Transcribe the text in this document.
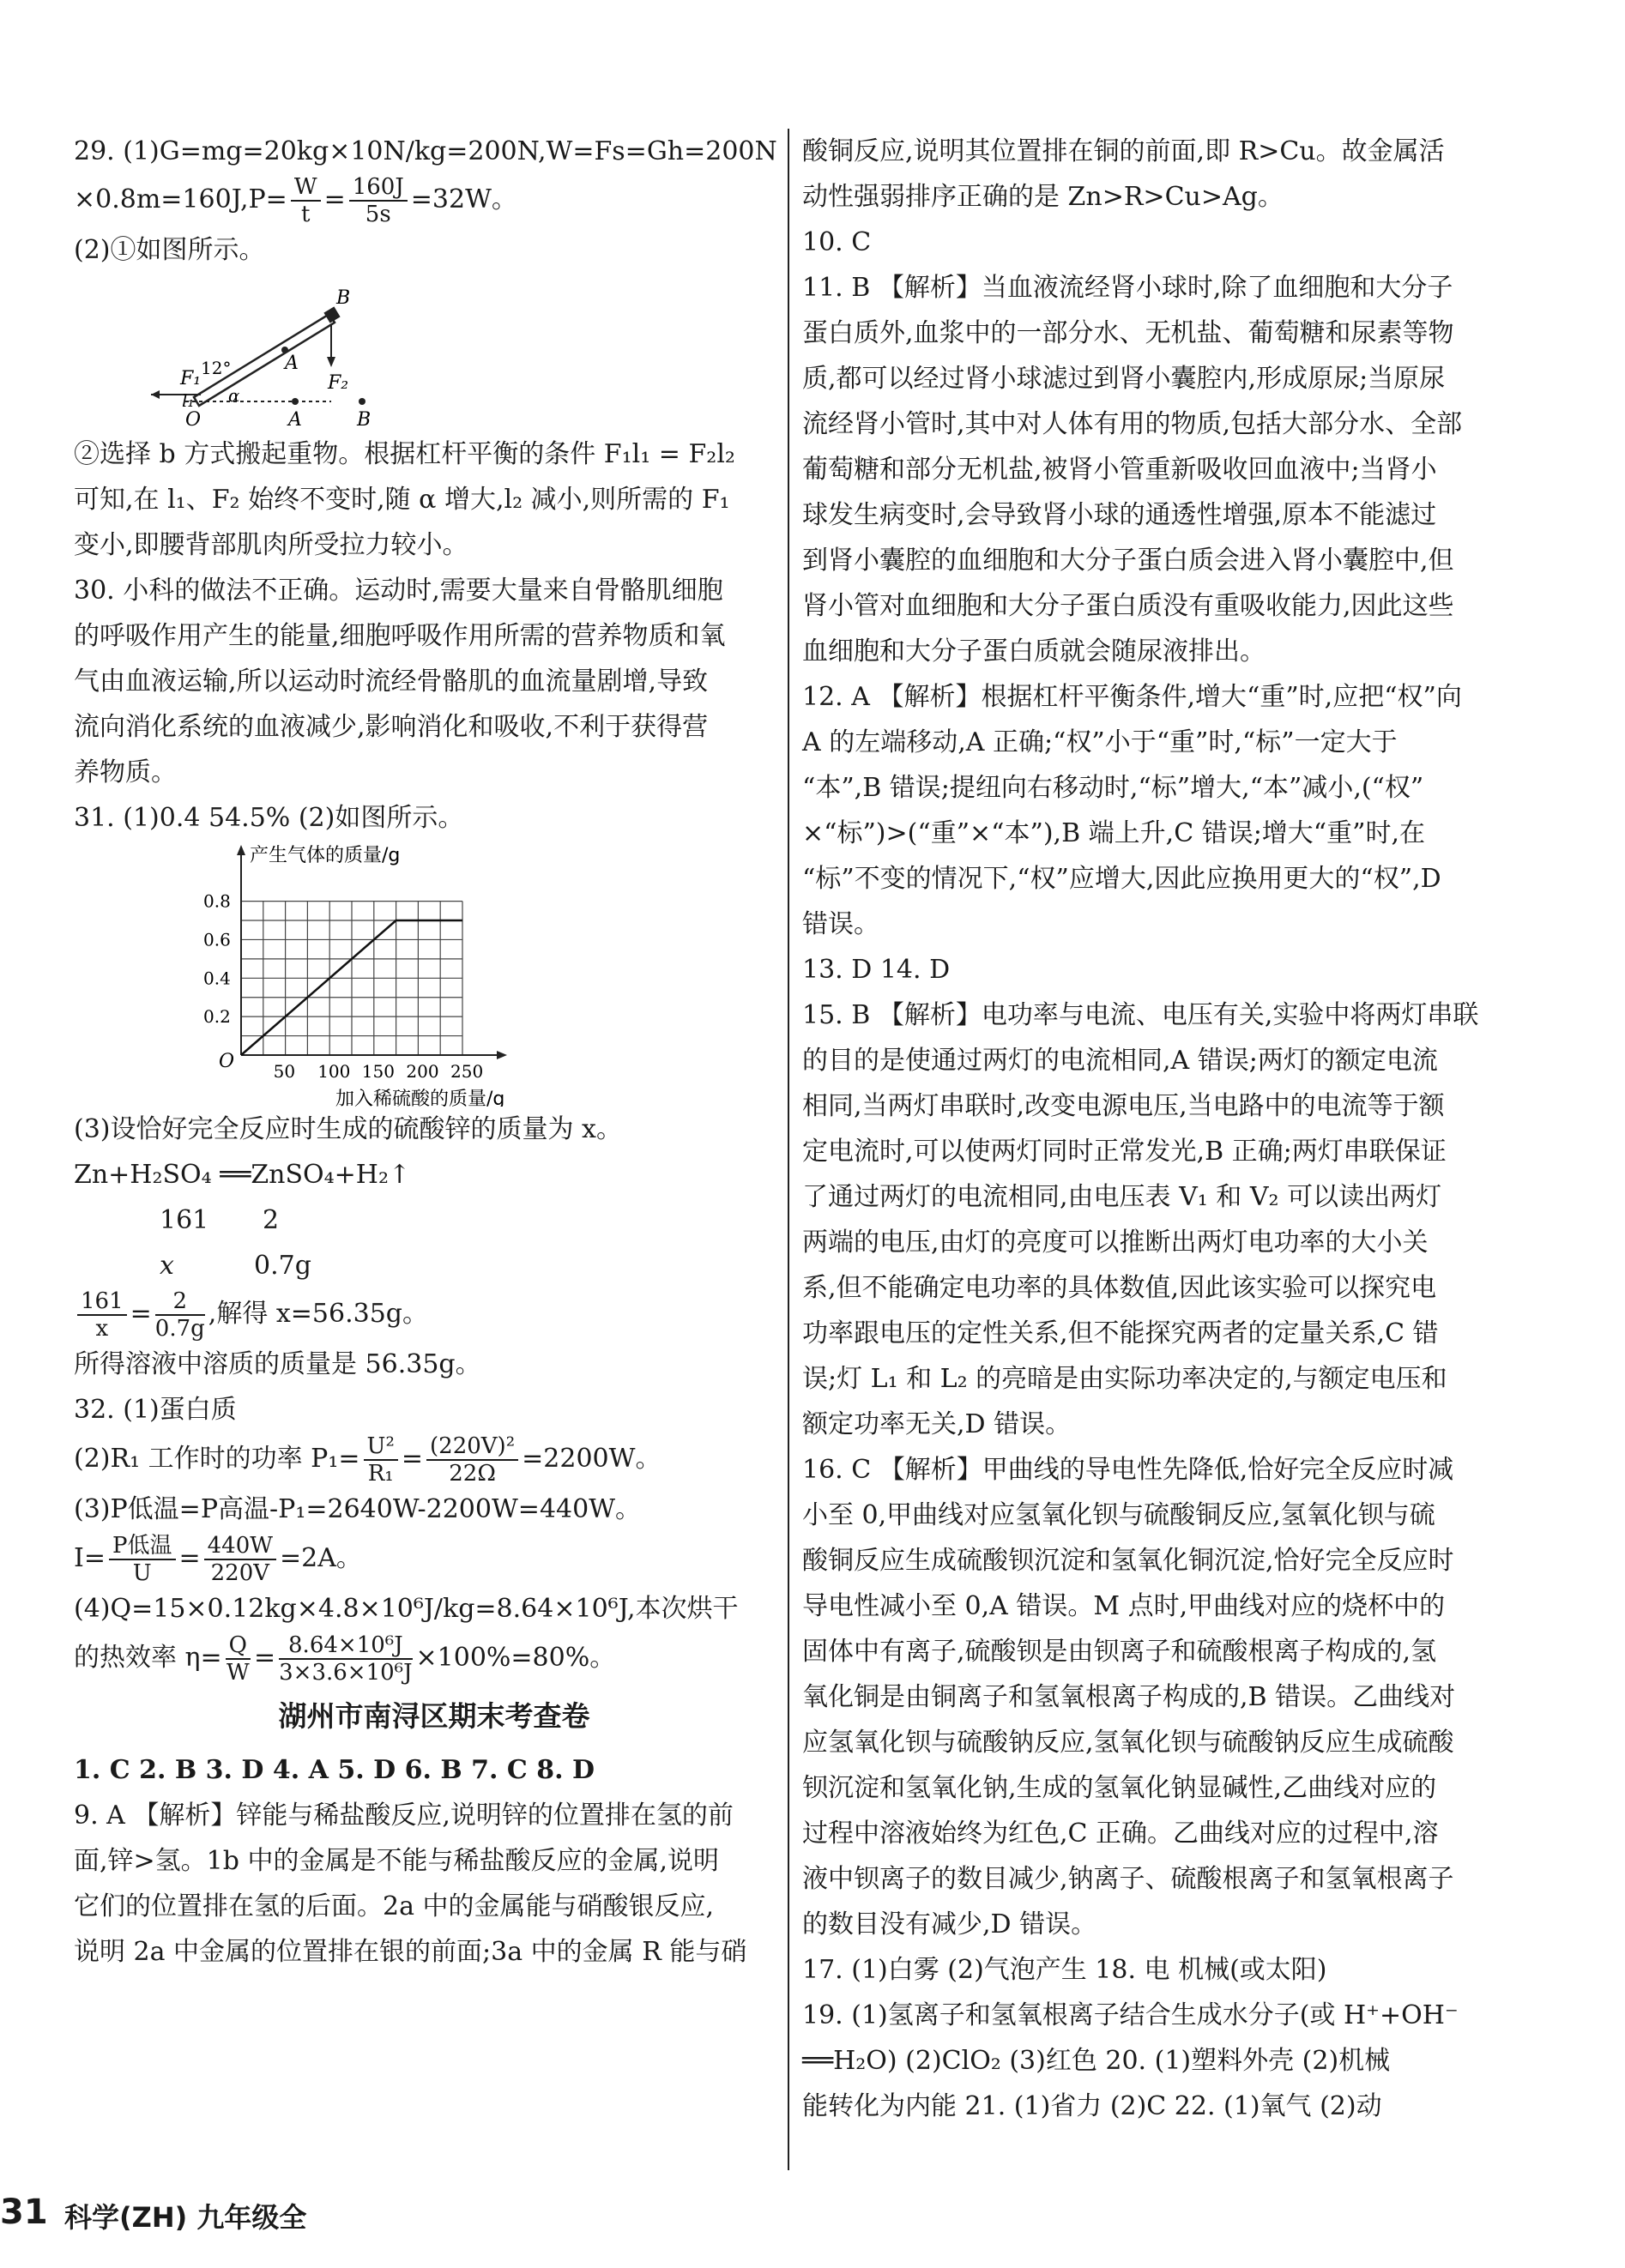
29. (1)G=mg=20kg×10N/kg=200N,W=Fs=Gh=200N

$\times 0.8m=160J,P= \frac{W}{t} = \frac{160J}{5s} =32W$。

(2)①如图所示。

B
A
F₂
F₁ 12°
l₁ α
O	A	B

②选择 b 方式搬起重物。根据杠杆平衡的条件 F₁l₁ = F₂l₂

可知,在 l₁、F₂ 始终不变时,随 α 增大,l₂ 减小,则所需的 F₁

变小,即腰背部肌肉所受拉力较小。

30. 小科的做法不正确。运动时,需要大量来自骨骼肌细胞

的呼吸作用产生的能量,细胞呼吸作用所需的营养物质和氧

气由血液运输,所以运动时流经骨骼肌的血流量剧增,导致

流向消化系统的血液减少,影响消化和吸收,不利于获得营

养物质。

31. (1)0.4 54.5% (2)如图所示。

50 100 150 200 250
0.2
0.4
0.6
0.8
O
产生气体的质量/g
加入稀硫酸的质量/g

(3)设恰好完全反应时生成的硫酸锌的质量为 x。

Zn+H₂SO₄ ══ZnSO₄+H₂↑

161 2

x	0.7g

$\frac{161}{x} = \frac{2}{0.7g}$ ,解得 x=56.35g。

所得溶液中溶质的质量是 56.35g。

32. (1)蛋白质

(2)R₁ 工作时的功率 $P_1= \frac{\text{U²}}{\text{R₁}} = \frac{\text{(220V)²}}{22\Omega} =2200W$。

(3)P低温=P高温-P₁=2640W-2200W=440W。

$I= \frac{\text{P低温}}{U} = \frac{440W}{220V} =2A$。

(4)Q=15×0.12kg×4.8×10⁶J/kg=8.64×10⁶J,本次烘干

的热效率 $\eta= \frac{Q}{W} = \frac{\text{8.64×10⁶J}}{\text{3×3.6×10⁶J}} \times 100\%=80\%$。

湖州市南浔区期末考查卷

1. C 2. B 3. D 4. A 5. D 6. B 7. C 8. D

9. A 【解析】锌能与稀盐酸反应,说明锌的位置排在氢的前

面,锌>氢。1b 中的金属是不能与稀盐酸反应的金属,说明

它们的位置排在氢的后面。2a 中的金属能与硝酸银反应,

说明 2a 中金属的位置排在银的前面;3a 中的金属 R 能与硝

酸铜反应,说明其位置排在铜的前面,即 R>Cu。故金属活

动性强弱排序正确的是 Zn>R>Cu>Ag。

10. C

11. B 【解析】当血液流经肾小球时,除了血细胞和大分子

蛋白质外,血浆中的一部分水、无机盐、葡萄糖和尿素等物

质,都可以经过肾小球滤过到肾小囊腔内,形成原尿;当原尿

流经肾小管时,其中对人体有用的物质,包括大部分水、全部

葡萄糖和部分无机盐,被肾小管重新吸收回血液中;当肾小

球发生病变时,会导致肾小球的通透性增强,原本不能滤过

到肾小囊腔的血细胞和大分子蛋白质会进入肾小囊腔中,但

肾小管对血细胞和大分子蛋白质没有重吸收能力,因此这些

血细胞和大分子蛋白质就会随尿液排出。

12. A 【解析】根据杠杆平衡条件,增大“重”时,应把“权”向

A 的左端移动,A 正确;“权”小于“重”时,“标”一定大于

“本”,B 错误;提纽向右移动时,“标”增大,“本”减小,(“权”

×“标”)>(“重”×“本”),B 端上升,C 错误;增大“重”时,在

“标”不变的情况下,“权”应增大,因此应换用更大的“权”,D

错误。

13. D 14. D

15. B 【解析】电功率与电流、电压有关,实验中将两灯串联

的目的是使通过两灯的电流相同,A 错误;两灯的额定电流

相同,当两灯串联时,改变电源电压,当电路中的电流等于额

定电流时,可以使两灯同时正常发光,B 正确;两灯串联保证

了通过两灯的电流相同,由电压表 V₁ 和 V₂ 可以读出两灯

两端的电压,由灯的亮度可以推断出两灯电功率的大小关

系,但不能确定电功率的具体数值,因此该实验可以探究电

功率跟电压的定性关系,但不能探究两者的定量关系,C 错

误;灯 L₁ 和 L₂ 的亮暗是由实际功率决定的,与额定电压和

额定功率无关,D 错误。

16. C 【解析】甲曲线的导电性先降低,恰好完全反应时减

小至 0,甲曲线对应氢氧化钡与硫酸铜反应,氢氧化钡与硫

酸铜反应生成硫酸钡沉淀和氢氧化铜沉淀,恰好完全反应时

导电性减小至 0,A 错误。M 点时,甲曲线对应的烧杯中的

固体中有离子,硫酸钡是由钡离子和硫酸根离子构成的,氢

氧化铜是由铜离子和氢氧根离子构成的,B 错误。乙曲线对

应氢氧化钡与硫酸钠反应,氢氧化钡与硫酸钠反应生成硫酸

钡沉淀和氢氧化钠,生成的氢氧化钠显碱性,乙曲线对应的

过程中溶液始终为红色,C 正确。乙曲线对应的过程中,溶

液中钡离子的数目减少,钠离子、硫酸根离子和氢氧根离子

的数目没有减少,D 错误。

17. (1)白雾 (2)气泡产生 18. 电 机械(或太阳)

19. (1)氢离子和氢氧根离子结合生成水分子(或 H⁺+OH⁻

══H₂O) (2)ClO₂ (3)红色 20. (1)塑料外壳 (2)机械

能转化为内能 21. (1)省力 (2)C 22. (1)氧气 (2)动

31 科学(ZH) 九年级全
